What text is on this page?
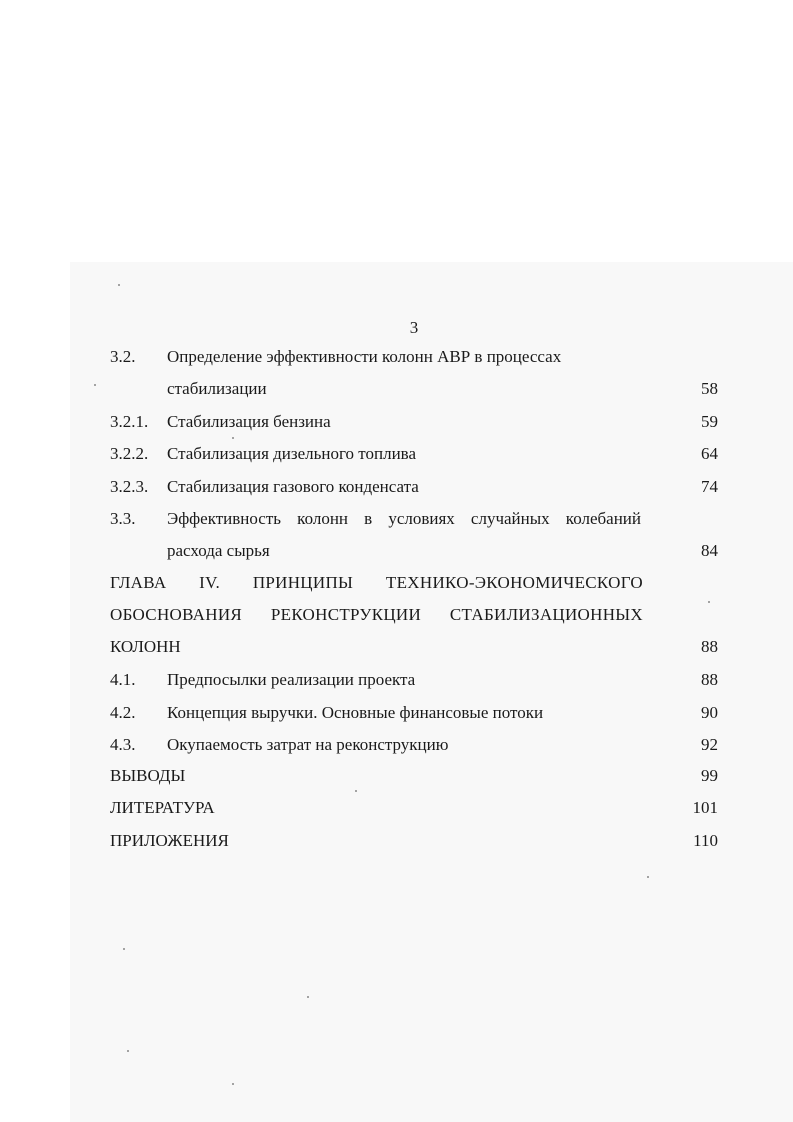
3
3.2. Определение эффективности колонн АВР в процессах
стабилизации	58
3.2.1. Стабилизация бензина	59
3.2.2. Стабилизация дизельного топлива	64
3.2.3. Стабилизация газового конденсата	74
3.3. Эффективность колонн в условиях случайных колебаний
расхода сырья	84
ГЛАВА IV. ПРИНЦИПЫ ТЕХНИКО-ЭКОНОМИЧЕСКОГО
ОБОСНОВАНИЯ РЕКОНСТРУКЦИИ СТАБИЛИЗАЦИОННЫХ
КОЛОНН	88
4.1. Предпосылки реализации проекта	88
4.2. Концепция выручки. Основные финансовые потоки	90
4.3. Окупаемость затрат на реконструкцию	92
ВЫВОДЫ	99
ЛИТЕРАТУРА	101
ПРИЛОЖЕНИЯ	110
